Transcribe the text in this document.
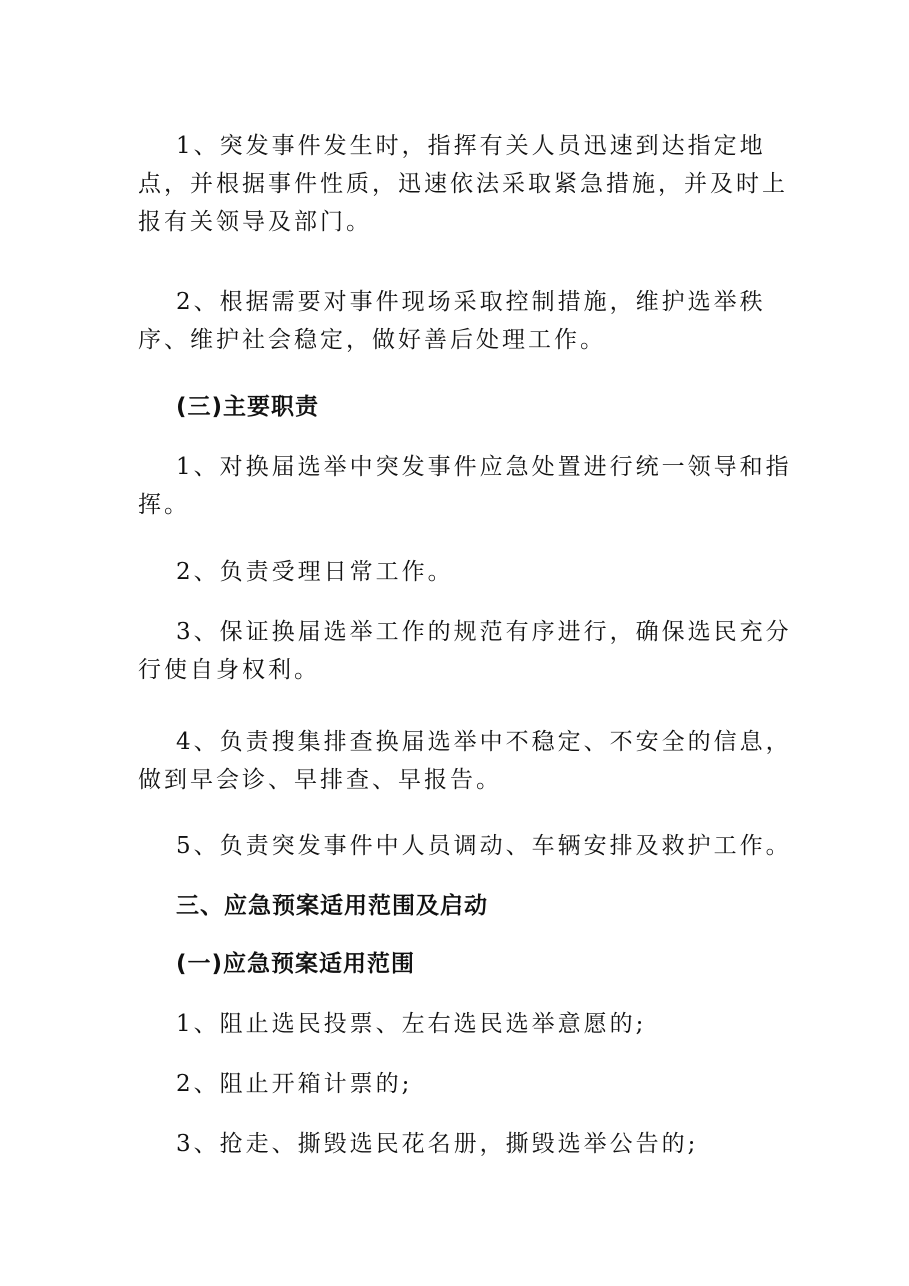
1、突发事件发生时，指挥有关人员迅速到达指定地点，并根据事件性质，迅速依法采取紧急措施，并及时上报有关领导及部门。
2、根据需要对事件现场采取控制措施，维护选举秩序、维护社会稳定，做好善后处理工作。
(三)主要职责
1、对换届选举中突发事件应急处置进行统一领导和指挥。
2、负责受理日常工作。
3、保证换届选举工作的规范有序进行，确保选民充分行使自身权利。
4、负责搜集排查换届选举中不稳定、不安全的信息，做到早会诊、早排查、早报告。
5、负责突发事件中人员调动、车辆安排及救护工作。
三、应急预案适用范围及启动
(一)应急预案适用范围
1、阻止选民投票、左右选民选举意愿的;
2、阻止开箱计票的;
3、抢走、撕毁选民花名册，撕毁选举公告的;
